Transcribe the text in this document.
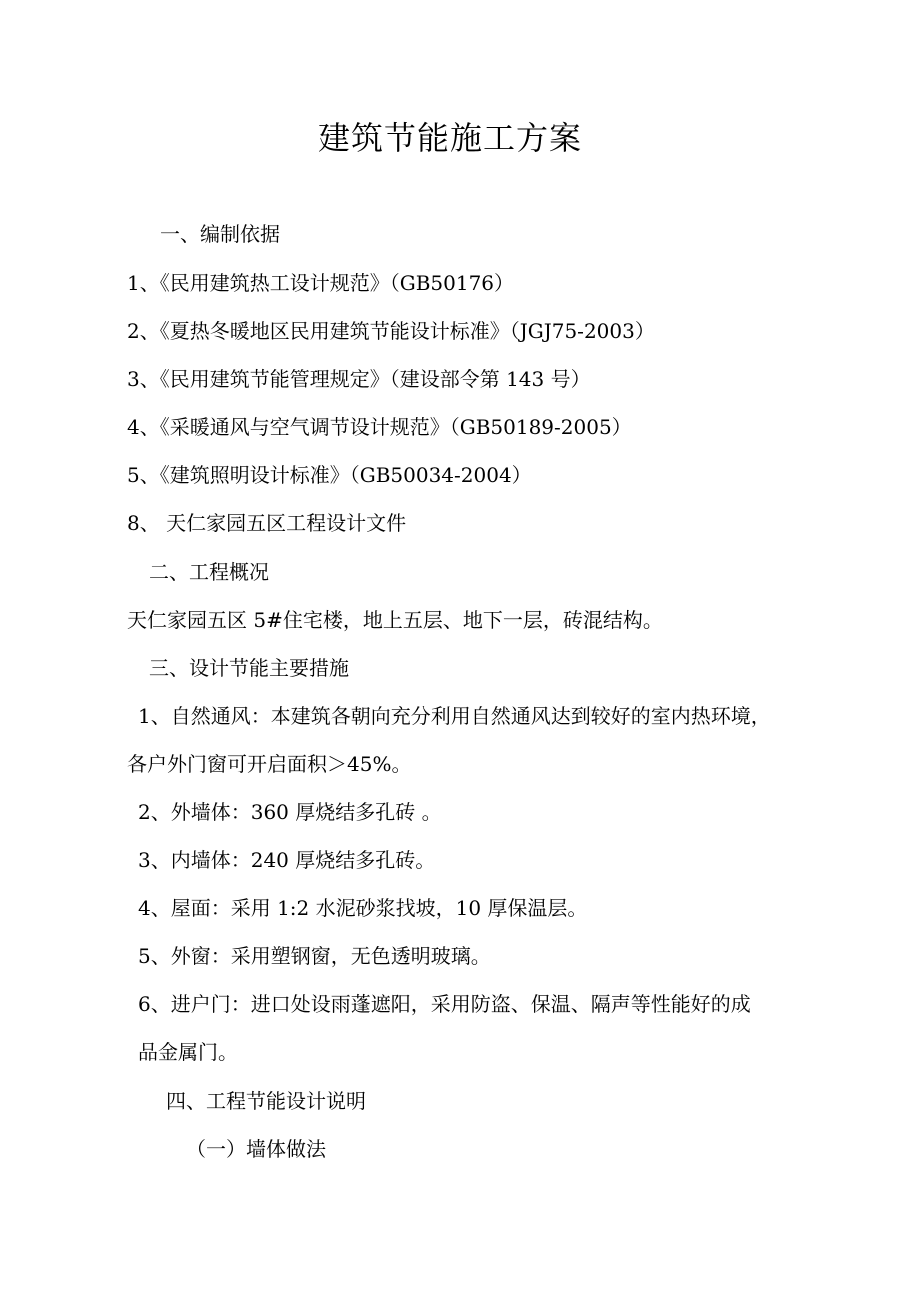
建筑节能施工方案
一、编制依据
1、《民用建筑热工设计规范》（GB50176）
2、《夏热冬暖地区民用建筑节能设计标准》（JGJ75-2003）
3、《民用建筑节能管理规定》（建设部令第 143 号）
4、《采暖通风与空气调节设计规范》（GB50189-2005）
5、《建筑照明设计标准》（GB50034-2004）
8、 天仁家园五区工程设计文件
二、工程概况
天仁家园五区 5#住宅楼，地上五层、地下一层，砖混结构。
三、设计节能主要措施
1、自然通风：本建筑各朝向充分利用自然通风达到较好的室内热环境，
各户外门窗可开启面积＞45%。
2、外墙体：360 厚烧结多孔砖 。
3、内墙体：240 厚烧结多孔砖。
4、屋面：采用 1:2 水泥砂浆找坡，10 厚保温层。
5、外窗：采用塑钢窗，无色透明玻璃。
6、进户门：进口处设雨蓬遮阳，采用防盗、保温、隔声等性能好的成
品金属门。
四、工程节能设计说明
（一）墙体做法
